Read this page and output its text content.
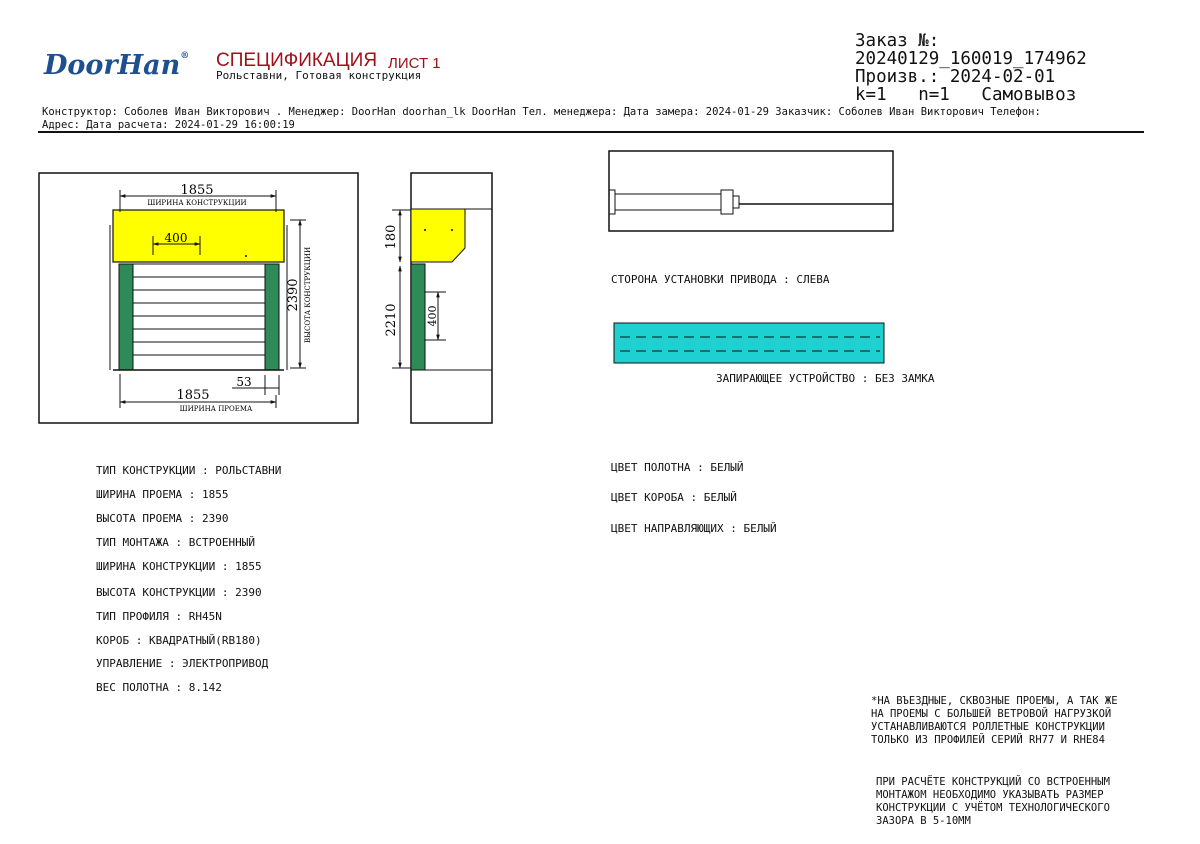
DoorHan® СПЕЦИФИКАЦИЯ ЛИСТ 1
Рольставни, Готовая конструкция
Заказ №:
20240129_160019_174962
Произв.: 2024-02-01
k=1   n=1   Самовывоз
Конструктор: Соболев Иван Викторович . Менеджер: DoorHan doorhan_lk DoorHan Тел. менеджера: Дата замера: 2024-01-29 Заказчик: Соболев Иван Викторович Телефон:
Адрес: Дата расчета: 2024-01-29 16:00:19
1855
ШИРИНА КОНСТРУКЦИИ
400
2390 ВЫСОТА КОНСТРУКЦИИ
53
1855
ШИРИНА ПРОЕМА
180
2210 400
СТОРОНА УСТАНОВКИ ПРИВОДА : СЛЕВА
ЗАПИРАЮЩЕЕ УСТРОЙСТВО : БЕЗ ЗАМКА
ТИП КОНСТРУКЦИИ : РОЛЬСТАВНИ
ШИРИНА ПРОЕМА : 1855
ВЫСОТА ПРОЕМА : 2390
ТИП МОНТАЖА : ВСТРОЕННЫЙ
ШИРИНА КОНСТРУКЦИИ : 1855
ВЫСОТА КОНСТРУКЦИИ : 2390
ТИП ПРОФИЛЯ : RH45N
КОРОБ : КВАДРАТНЫЙ(RB180)
УПРАВЛЕНИЕ : ЭЛЕКТРОПРИВОД
ВЕС ПОЛОТНА : 8.142
ЦВЕТ ПОЛОТНА : БЕЛЫЙ
ЦВЕТ КОРОБА : БЕЛЫЙ
ЦВЕТ НАПРАВЛЯЮЩИХ : БЕЛЫЙ
*НА ВЪЕЗДНЫЕ, СКВОЗНЫЕ ПРОЕМЫ, А ТАК ЖЕ
НА ПРОЕМЫ С БОЛЬШЕЙ ВЕТРОВОЙ НАГРУЗКОЙ
УСТАНАВЛИВАЮТСЯ РОЛЛЕТНЫЕ КОНСТРУКЦИИ
ТОЛЬКО ИЗ ПРОФИЛЕЙ СЕРИЙ RH77 И RHE84
ПРИ РАСЧЁТЕ КОНСТРУКЦИЙ СО ВСТРОЕННЫМ
МОНТАЖОМ НЕОБХОДИМО УКАЗЫВАТЬ РАЗМЕР
КОНСТРУКЦИИ С УЧЁТОМ ТЕХНОЛОГИЧЕСКОГО
ЗАЗОРА В 5-10ММ
